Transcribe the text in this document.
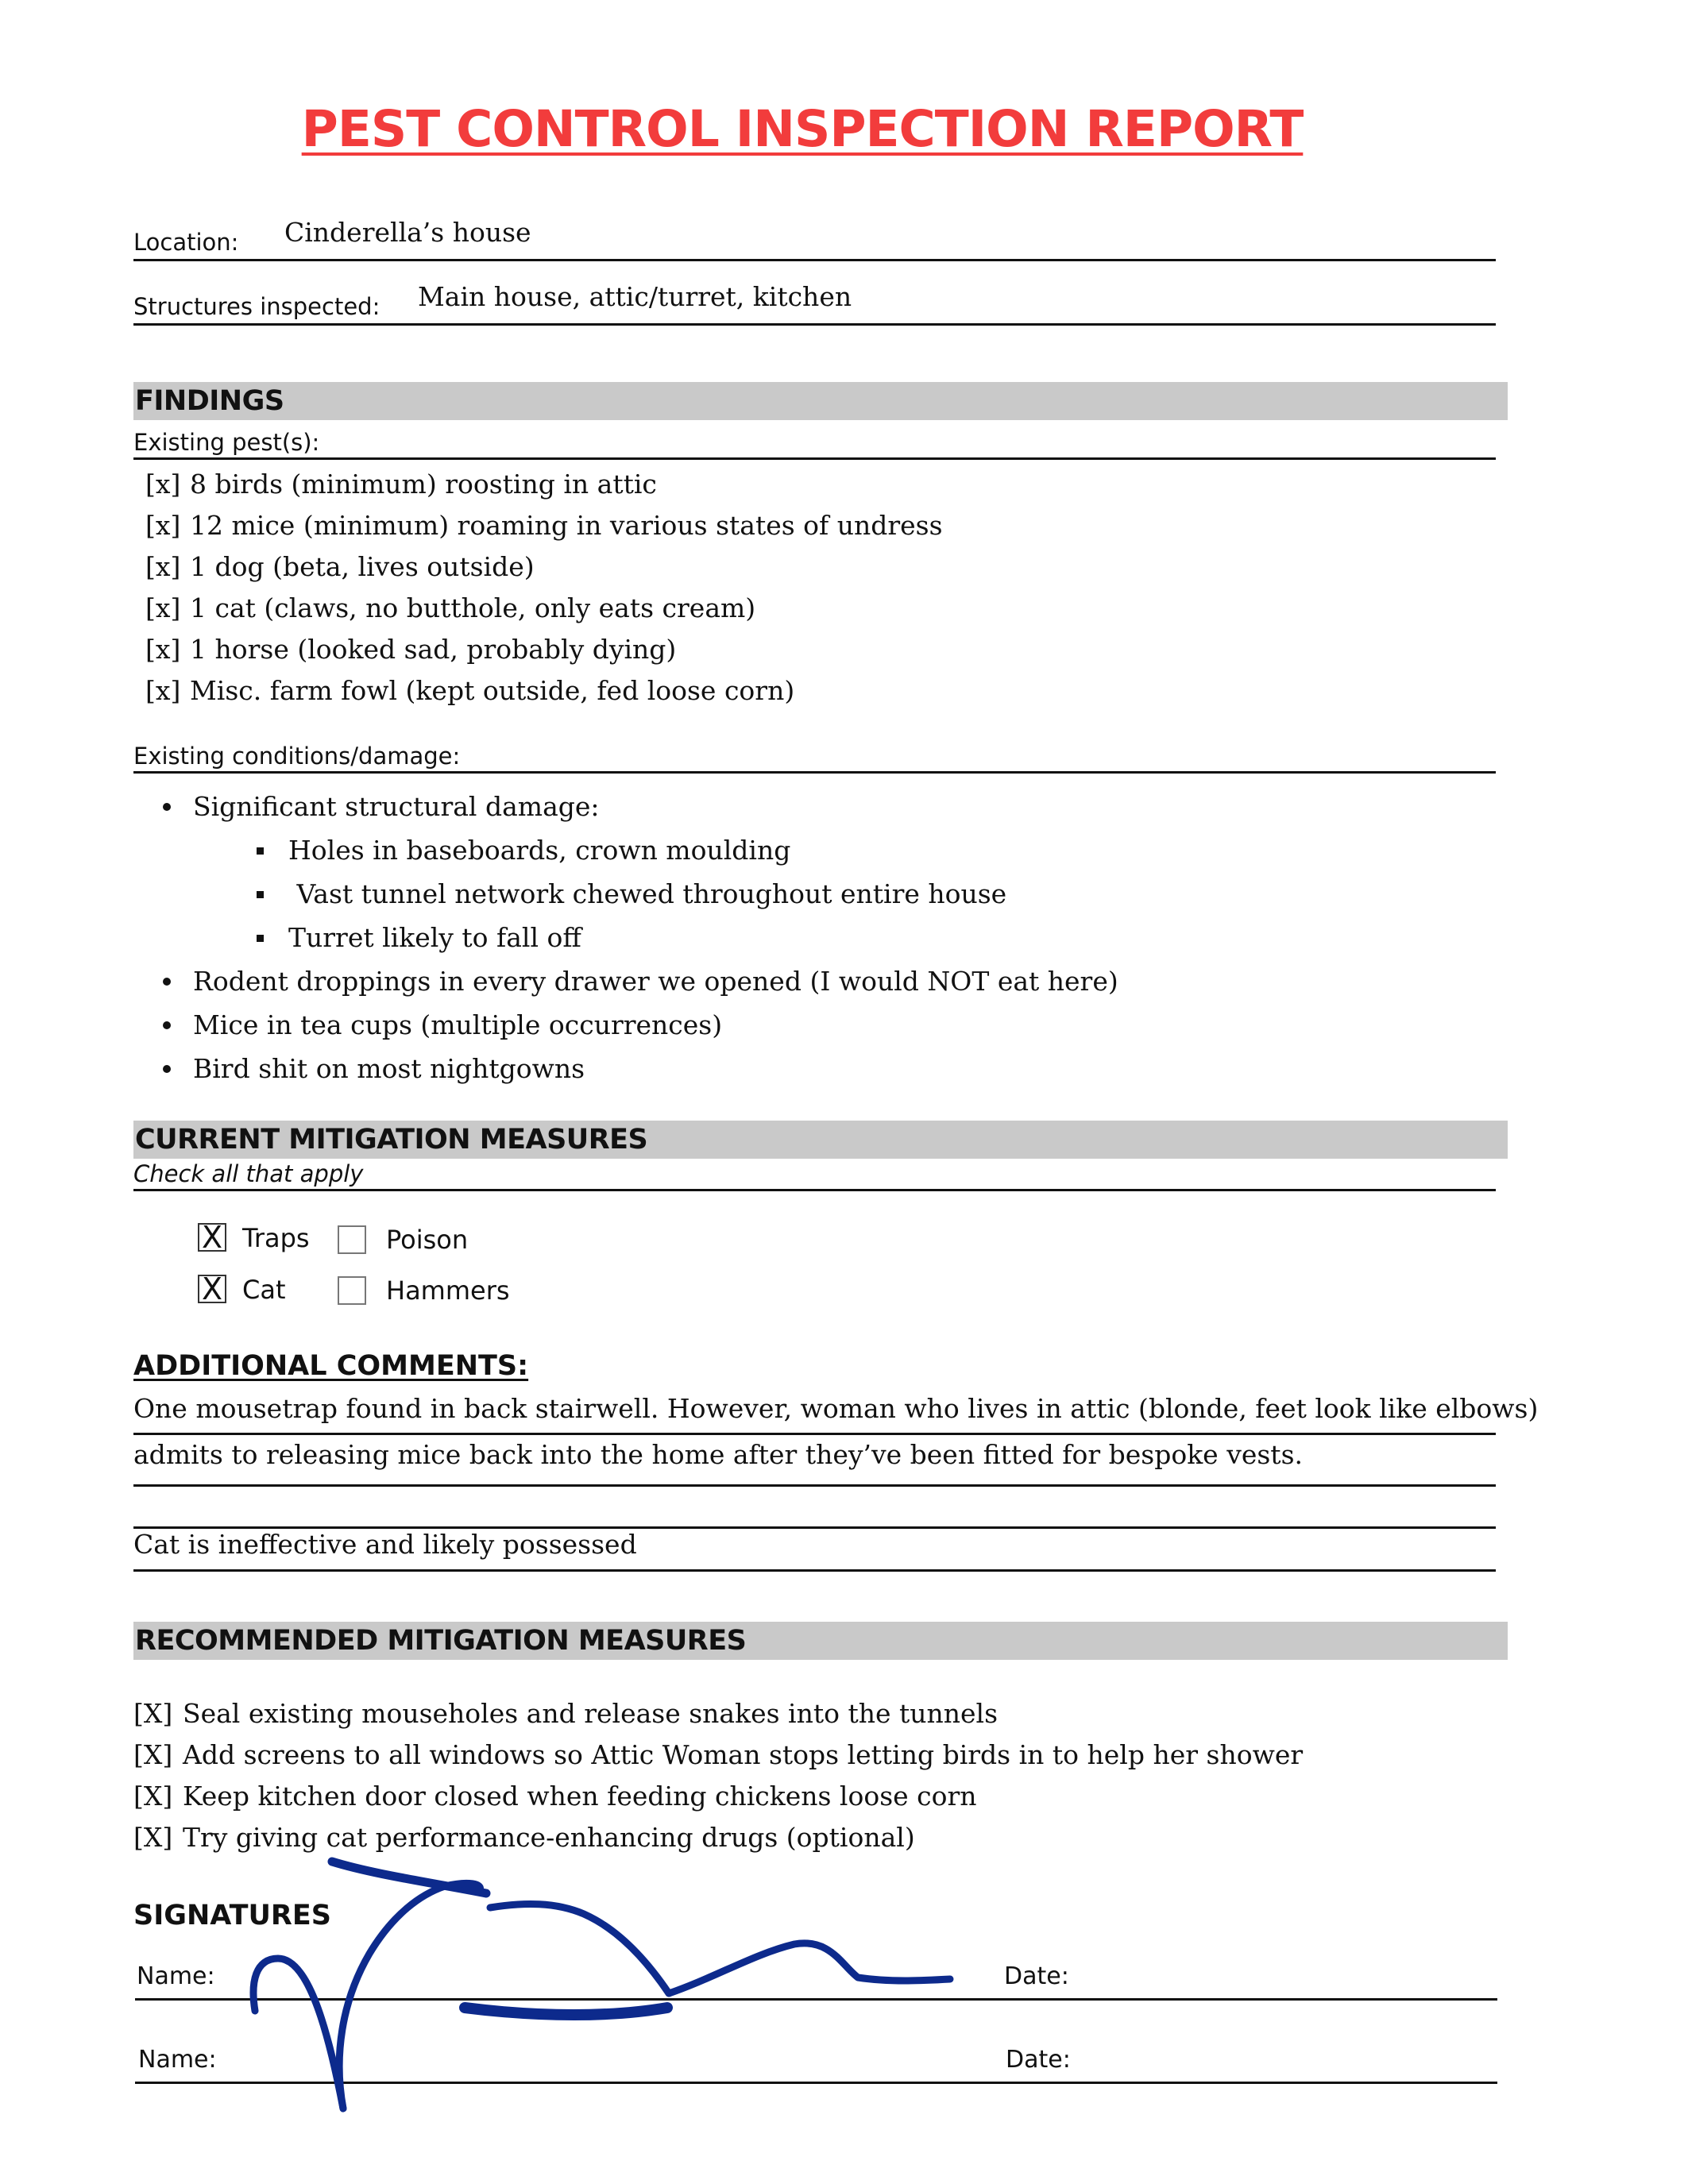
PEST CONTROL INSPECTION REPORT
Location: Cinderella’s house
Structures inspected: Main house, attic/turret, kitchen
FINDINGS
Existing pest(s):
[x] 8 birds (minimum) roosting in attic
[x] 12 mice (minimum) roaming in various states of undress
[x] 1 dog (beta, lives outside)
[x] 1 cat (claws, no butthole, only eats cream)
[x] 1 horse (looked sad, probably dying)
[x] Misc. farm fowl (kept outside, fed loose corn)
Existing conditions/damage:
Significant structural damage:
Holes in baseboards, crown moulding
Vast tunnel network chewed throughout entire house
Turret likely to fall off
Rodent droppings in every drawer we opened (I would NOT eat here)
Mice in tea cups (multiple occurrences)
Bird shit on most nightgowns
CURRENT MITIGATION MEASURES
Check all that apply
X Traps	Poison
X Cat	Hammers
ADDITIONAL COMMENTS:
One mousetrap found in back stairwell. However, woman who lives in attic (blonde, feet look like elbows)
admits to releasing mice back into the home after they’ve been fitted for bespoke vests.
Cat is ineffective and likely possessed
RECOMMENDED MITIGATION MEASURES
[X] Seal existing mouseholes and release snakes into the tunnels
[X] Add screens to all windows so Attic Woman stops letting birds in to help her shower
[X] Keep kitchen door closed when feeding chickens loose corn
[X] Try giving cat performance-enhancing drugs (optional)
SIGNATURES
Name:	Date:
Name:	Date:
